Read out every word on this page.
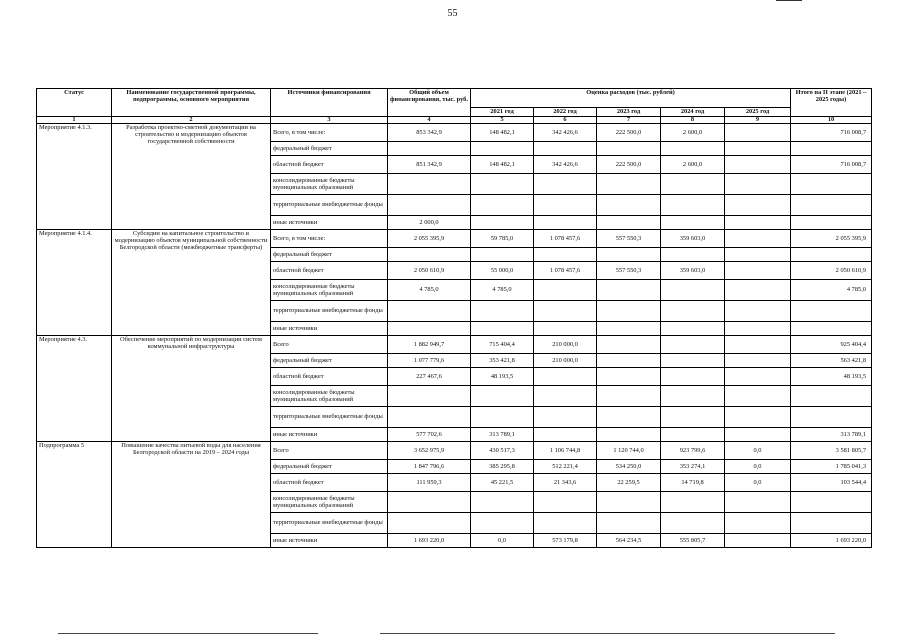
55
Статус	Наименование государственной программы, подпрограммы, основного мероприятия	Источники финансирования	Общий объем финансирования, тыс. руб.	Оценка расходов (тыс. рублей)					Итого на II этапе (2021 – 2025 годы)
				2021 год	2022 год	2023 год	2024 год	2025 год	
1	2	3	4	5	6	7	8	9	10
Мероприятие 4.1.3.	Разработка проектно-сметной документации на строительство и модернизацию объектов государственной собственности	Всего, в том числе:	853 342,9	148 482,1	342 426,6	222 500,0	2 600,0		716 008,7
		федеральный бюджет							
		областной бюджет	851 342,9	148 482,1	342 426,6	222 500,0	2 600,0		716 008,7
		консолидированные бюджеты муниципальных образований							
		территориальные внебюджетные фонды							
		иные источники	2 000,0						
Мероприятие 4.1.4.	Субсидии на капитальное строительство и модернизацию объектов муниципальной собственности Белгородской области (межбюджетные трансферты)	Всего, в том числе:	2 055 395,9	59 785,0	1 078 457,6	557 550,3	359 603,0		2 055 395,9
		федеральный бюджет							
		областной бюджет	2 050 610,9	55 000,0	1 078 457,6	557 550,3	359 603,0		2 050 610,9
		консолидированные бюджеты муниципальных образований	4 785,0	4 785,0					4 785,0
		территориальные внебюджетные фонды							
		иные источники							
Мероприятие 4.3.	Обеспечение мероприятий по модернизации систем коммунальной инфраструктуры	Всего	1 882 949,7	715 404,4	210 000,0				925 404,4
		федеральный бюджет	1 077 779,6	353 421,8	210 000,0				563 421,8
		областной бюджет	227 467,6	48 193,5					48 193,5
		консолидированные бюджеты муниципальных образований							
		территориальные внебюджетные фонды							
		иные источники	577 702,6	313 789,1					313 789,1
Подпрограмма 5	Повышение качества питьевой воды для населения Белгородской области на 2019 – 2024 годы	Всего	3 652 975,9	430 517,3	1 106 744,8	1 120 744,0	923 799,6	0,0	3 581 805,7
		федеральный бюджет	1 847 796,6	385 295,8	512 221,4	534 250,0	353 274,1	0,0	1 785 041,3
		областной бюджет	111 959,3	45 221,5	21 343,6	22 259,5	14 719,8	0,0	103 544,4
		консолидированные бюджеты муниципальных образований							
		территориальные внебюджетные фонды							
		иные источники	1 693 220,0	0,0	573 179,8	564 234,5	555 805,7		1 693 220,0
